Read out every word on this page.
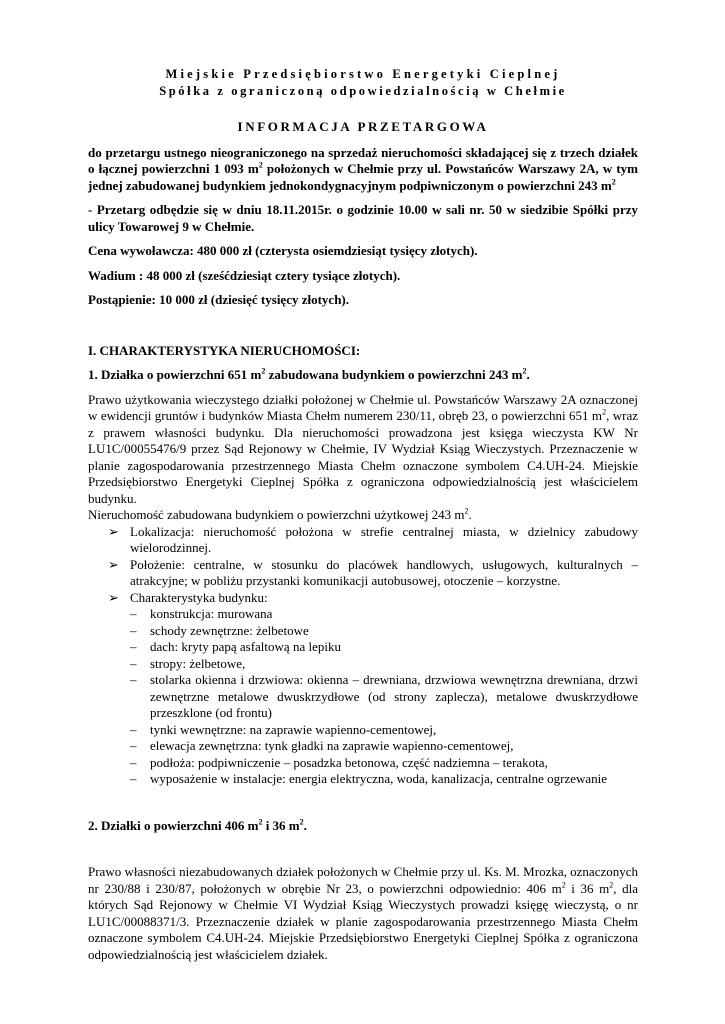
Miejskie Przedsiębiorstwo Energetyki Cieplnej
Spółka z ograniczoną odpowiedzialnością w Chełmie
INFORMACJA PRZETARGOWA

do przetargu ustnego nieograniczonego na sprzedaż nieruchomości składającej się z trzech działek o łącznej powierzchni 1 093 $m^2$ położonych w Chełmie przy ul. Powstańców Warszawy 2A, w tym jednej zabudowanej budynkiem jednokondygnacyjnym podpiwniczonym o powierzchni 243 $m^2$

- Przetarg odbędzie się w dniu 18.11.2015r. o godzinie 10.00 w sali nr. 50 w siedzibie Spółki przy ulicy Towarowej 9 w Chełmie.

Cena wywoławcza: 480 000 zł (czterysta osiemdziesiąt tysięcy złotych).

Wadium : 48 000 zł (sześćdziesiąt cztery tysiące złotych).

Postąpienie: 10 000 zł (dziesięć tysięcy złotych).

I. CHARAKTERYSTYKA NIERUCHOMOŚCI:

1. Działka o powierzchni 651 $m^2$ zabudowana budynkiem o powierzchni 243 $m^2$.

Prawo użytkowania wieczystego działki położonej w Chełmie ul. Powstańców Warszawy 2A oznaczonej w ewidencji gruntów i budynków Miasta Chełm numerem 230/11, obręb 23, o powierzchni 651 $m^2$, wraz z prawem własności budynku. Dla nieruchomości prowadzona jest księga wieczysta KW Nr LU1C/00055476/9 przez Sąd Rejonowy w Chełmie, IV Wydział Ksiąg Wieczystych. Przeznaczenie w planie zagospodarowania przestrzennego Miasta Chełm oznaczone symbolem C4.UH-24. Miejskie Przedsiębiorstwo Energetyki Cieplnej Spółka z ograniczona odpowiedzialnością jest właścicielem budynku.

Nieruchomość zabudowana budynkiem o powierzchni użytkowej 243 $m^2$.

➢ Lokalizacja: nieruchomość położona w strefie centralnej miasta, w dzielnicy zabudowy wielorodzinnej.
➢ Położenie: centralne, w stosunku do placówek handlowych, usługowych, kulturalnych – atrakcyjne; w pobliżu przystanki komunikacji autobusowej, otoczenie – korzystne.
➢ Charakterystyka budynku:
– konstrukcja: murowana
– schody zewnętrzne: żelbetowe
– dach: kryty papą asfaltową na lepiku
– stropy: żelbetowe,
– stolarka okienna i drzwiowa: okienna – drewniana, drzwiowa wewnętrzna drewniana, drzwi zewnętrzne metalowe dwuskrzydłowe (od strony zaplecza), metalowe dwuskrzydłowe przeszklone (od frontu)
– tynki wewnętrzne: na zaprawie wapienno-cementowej,
– elewacja zewnętrzna: tynk gładki na zaprawie wapienno-cementowej,
– podłoża: podpiwniczenie – posadzka betonowa, część nadziemna – terakota,
– wyposażenie w instalacje: energia elektryczna, woda, kanalizacja, centralne ogrzewanie

2. Działki o powierzchni 406 $m^2$ i 36 $m^2$.

Prawo własności niezabudowanych działek położonych w Chełmie przy ul. Ks. M. Mrozka, oznaczonych nr 230/88 i 230/87, położonych w obrębie Nr 23, o powierzchni odpowiednio: 406 $m^2$ i 36 $m^2$, dla których Sąd Rejonowy w Chełmie VI Wydział Ksiąg Wieczystych prowadzi księgę wieczystą, o nr LU1C/00088371/3. Przeznaczenie działek w planie zagospodarowania przestrzennego Miasta Chełm oznaczone symbolem C4.UH-24. Miejskie Przedsiębiorstwo Energetyki Cieplnej Spółka z ograniczona odpowiedzialnością jest właścicielem działek.
